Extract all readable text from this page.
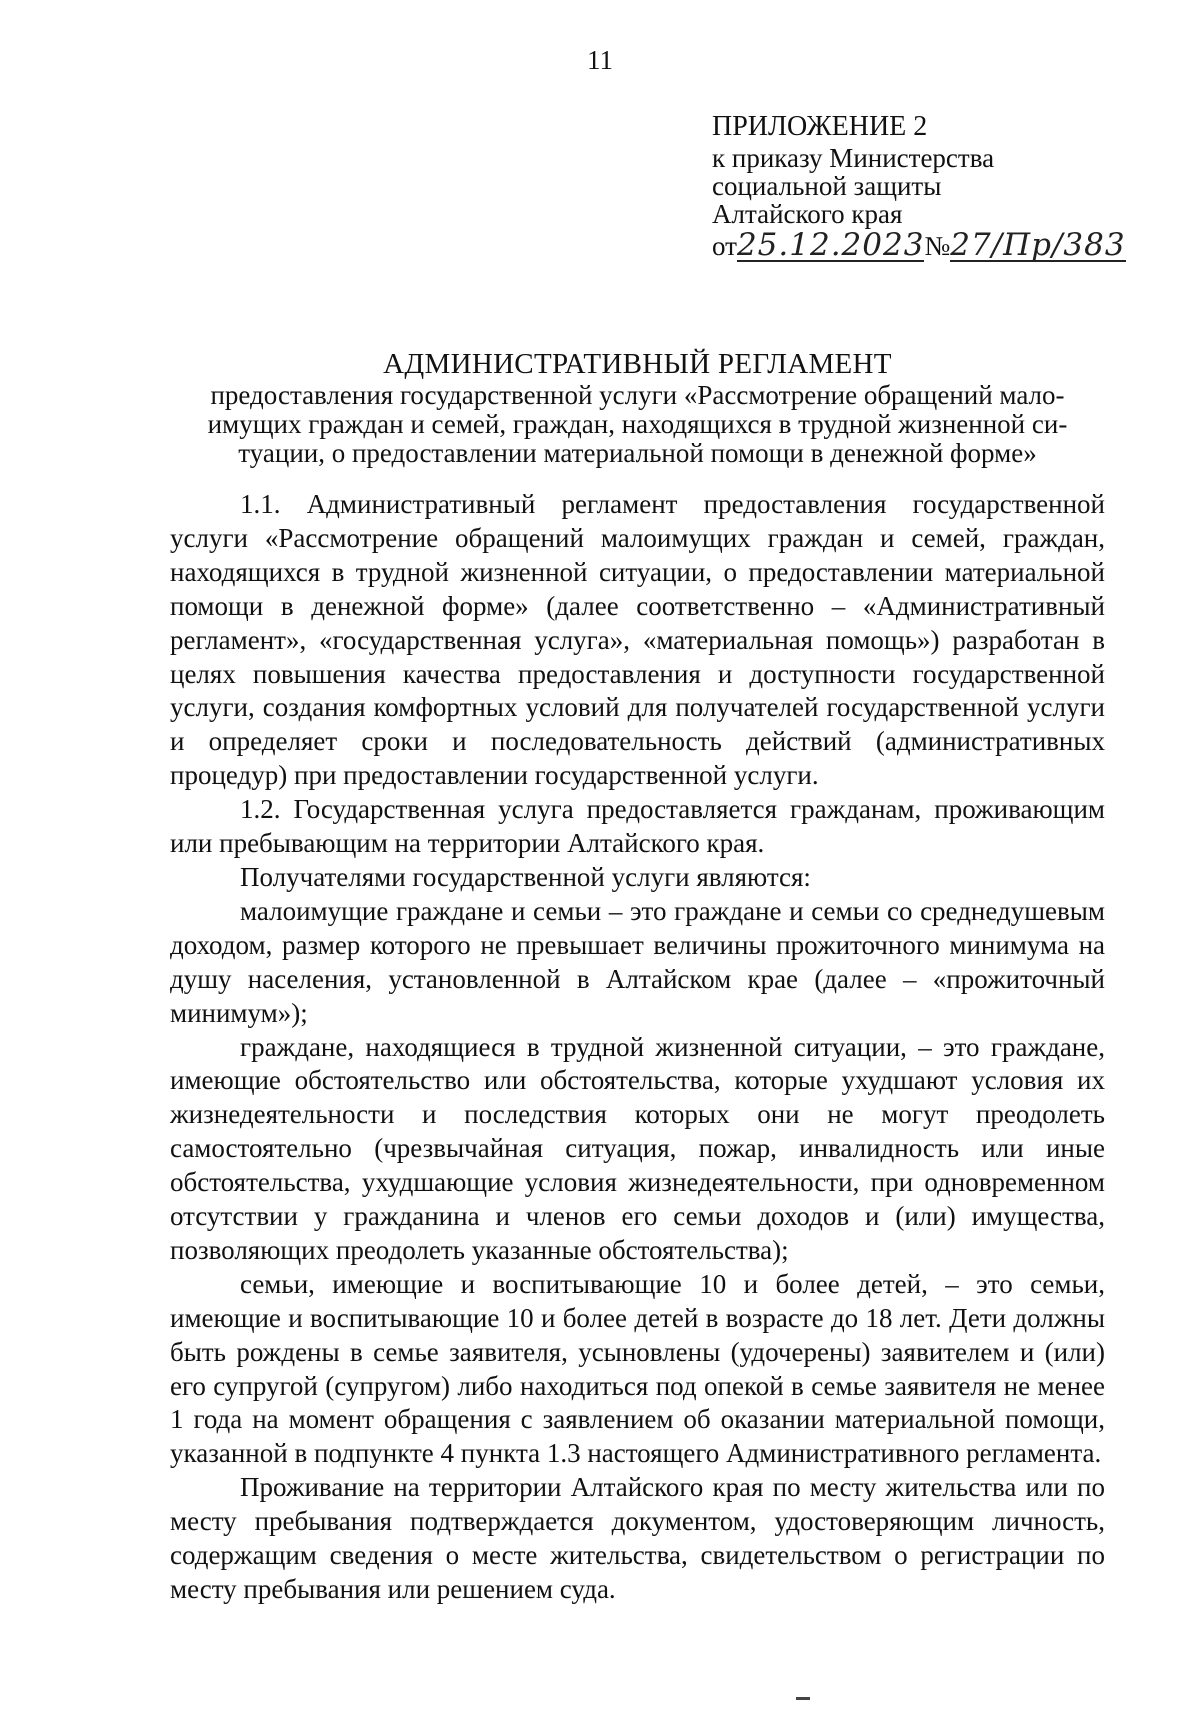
11
ПРИЛОЖЕНИЕ 2
к приказу Министерства
социальной защиты
Алтайского края
от25.12.2023№27/Пр/383
АДМИНИСТРАТИВНЫЙ РЕГЛАМЕНТ
предоставления государственной услуги «Рассмотрение обращений мало-
имущих граждан и семей, граждан, находящихся в трудной жизненной си-
туации, о предоставлении материальной помощи в денежной форме»

1.1. Административный регламент предоставления государственной услуги «Рассмотрение обращений малоимущих граждан и семей, граждан, находящихся в трудной жизненной ситуации, о предоставлении материальной помощи в денежной форме» (далее соответственно – «Административный регламент», «государственная услуга», «материальная помощь») разработан в целях повышения качества предоставления и доступности государственной услуги, создания комфортных условий для получателей государственной услуги и определяет сроки и последовательность действий (административных процедур) при предоставлении государственной услуги.

1.2. Государственная услуга предоставляется гражданам, проживающим или пребывающим на территории Алтайского края.

Получателями государственной услуги являются:

малоимущие граждане и семьи – это граждане и семьи со среднедушевым доходом, размер которого не превышает величины прожиточного минимума на душу населения, установленной в Алтайском крае (далее – «прожиточный минимум»);

граждане, находящиеся в трудной жизненной ситуации, – это граждане, имеющие обстоятельство или обстоятельства, которые ухудшают условия их жизнедеятельности и последствия которых они не могут преодолеть самостоятельно (чрезвычайная ситуация, пожар, инвалидность или иные обстоятельства, ухудшающие условия жизнедеятельности, при одновременном отсутствии у гражданина и членов его семьи доходов и (или) имущества, позволяющих преодолеть указанные обстоятельства);

семьи, имеющие и воспитывающие 10 и более детей, – это семьи, имеющие и воспитывающие 10 и более детей в возрасте до 18 лет. Дети должны быть рождены в семье заявителя, усыновлены (удочерены) заявителем и (или) его супругой (супругом) либо находиться под опекой в семье заявителя не менее 1 года на момент обращения с заявлением об оказании материальной помощи, указанной в подпункте 4 пункта 1.3 настоящего Административного регламента.

Проживание на территории Алтайского края по месту жительства или по месту пребывания подтверждается документом, удостоверяющим личность, содержащим сведения о месте жительства, свидетельством о регистрации по месту пребывания или решением суда.
